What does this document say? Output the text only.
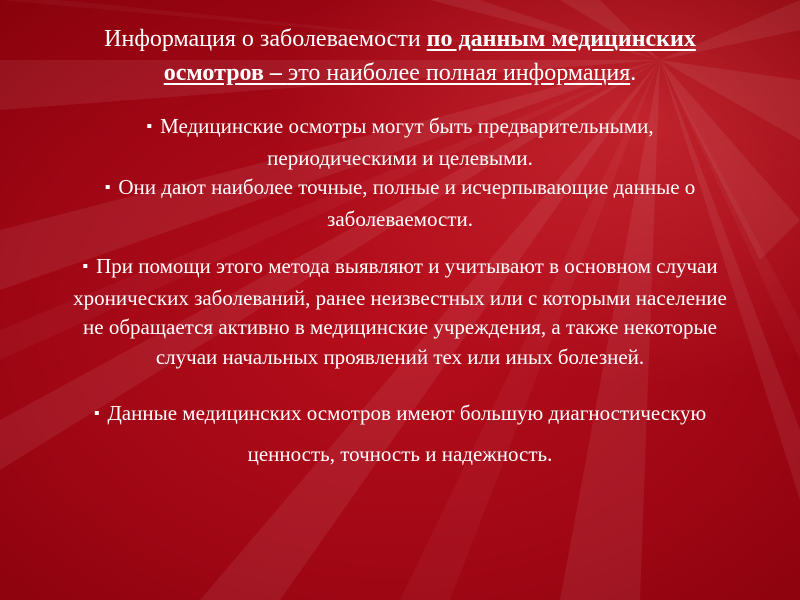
Информация о заболеваемости по данным медицинских осмотров – это наиболее полная информация.

▪ Медицинские осмотры могут быть предварительными, периодическими и целевыми.

▪ Они дают наиболее точные, полные и исчерпывающие данные о заболеваемости.

▪ При помощи этого метода выявляют и учитывают в основном случаи хронических заболеваний, ранее неизвестных или с которыми население не обращается активно в медицинские учреждения, а также некоторые случаи начальных проявлений тех или иных болезней.

▪ Данные медицинских осмотров имеют большую диагностическую ценность, точность и надежность.
